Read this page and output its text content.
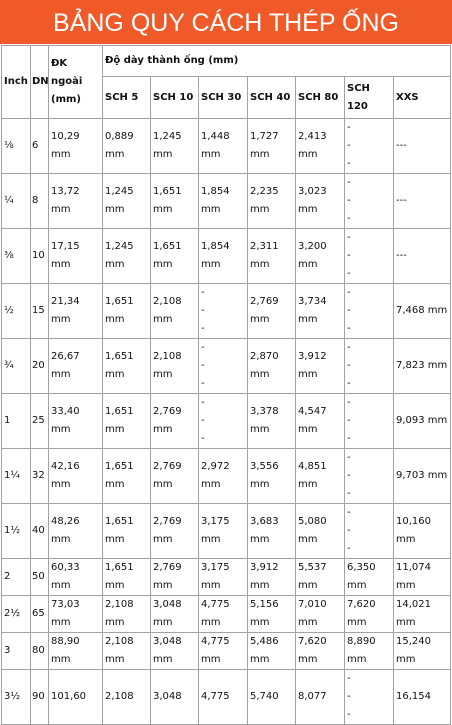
BẢNG QUY CÁCH THÉP ỐNG
Inch	DN	ĐK ngoài (mm)	Độ dày thành ống (mm)						

			SCH 5	SCH 10	SCH 30	SCH 40	SCH 80	SCH 120	XXS

⅛	6	10,29 mm	0,889 mm	1,245 mm	1,448 mm	1,727 mm	2,413 mm	---	---

¼	8	13,72 mm	1,245 mm	1,651 mm	1,854 mm	2,235 mm	3,023 mm	---	---

⅜	10	17,15 mm	1,245 mm	1,651 mm	1,854 mm	2,311 mm	3,200 mm	---	---

½	15	21,34 mm	1,651 mm	2,108 mm	---	2,769 mm	3,734 mm	---	7,468 mm

¾	20	26,67 mm	1,651 mm	2,108 mm	---	2,870 mm	3,912 mm	---	7,823 mm

1	25	33,40 mm	1,651 mm	2,769 mm	---	3,378 mm	4,547 mm	---	9,093 mm

1¼	32	42,16 mm	1,651 mm	2,769 mm	2,972 mm	3,556 mm	4,851 mm	---	9,703 mm

1½	40	48,26 mm	1,651 mm	2,769 mm	3,175 mm	3,683 mm	5,080 mm	---	10,160 mm

2	50	60,33 mm	1,651 mm	2,769 mm	3,175 mm	3,912 mm	5,537 mm	6,350 mm	11,074 mm

2½	65	73,03 mm	2,108 mm	3,048 mm	4,775 mm	5,156 mm	7,010 mm	7,620 mm	14,021 mm

3	80	88,90 mm	2,108 mm	3,048 mm	4,775 mm	5,486 mm	7,620 mm	8,890 mm	15,240 mm

3½	90	101,60	2,108	3,048	4,775	5,740	8,077	---	16,154
